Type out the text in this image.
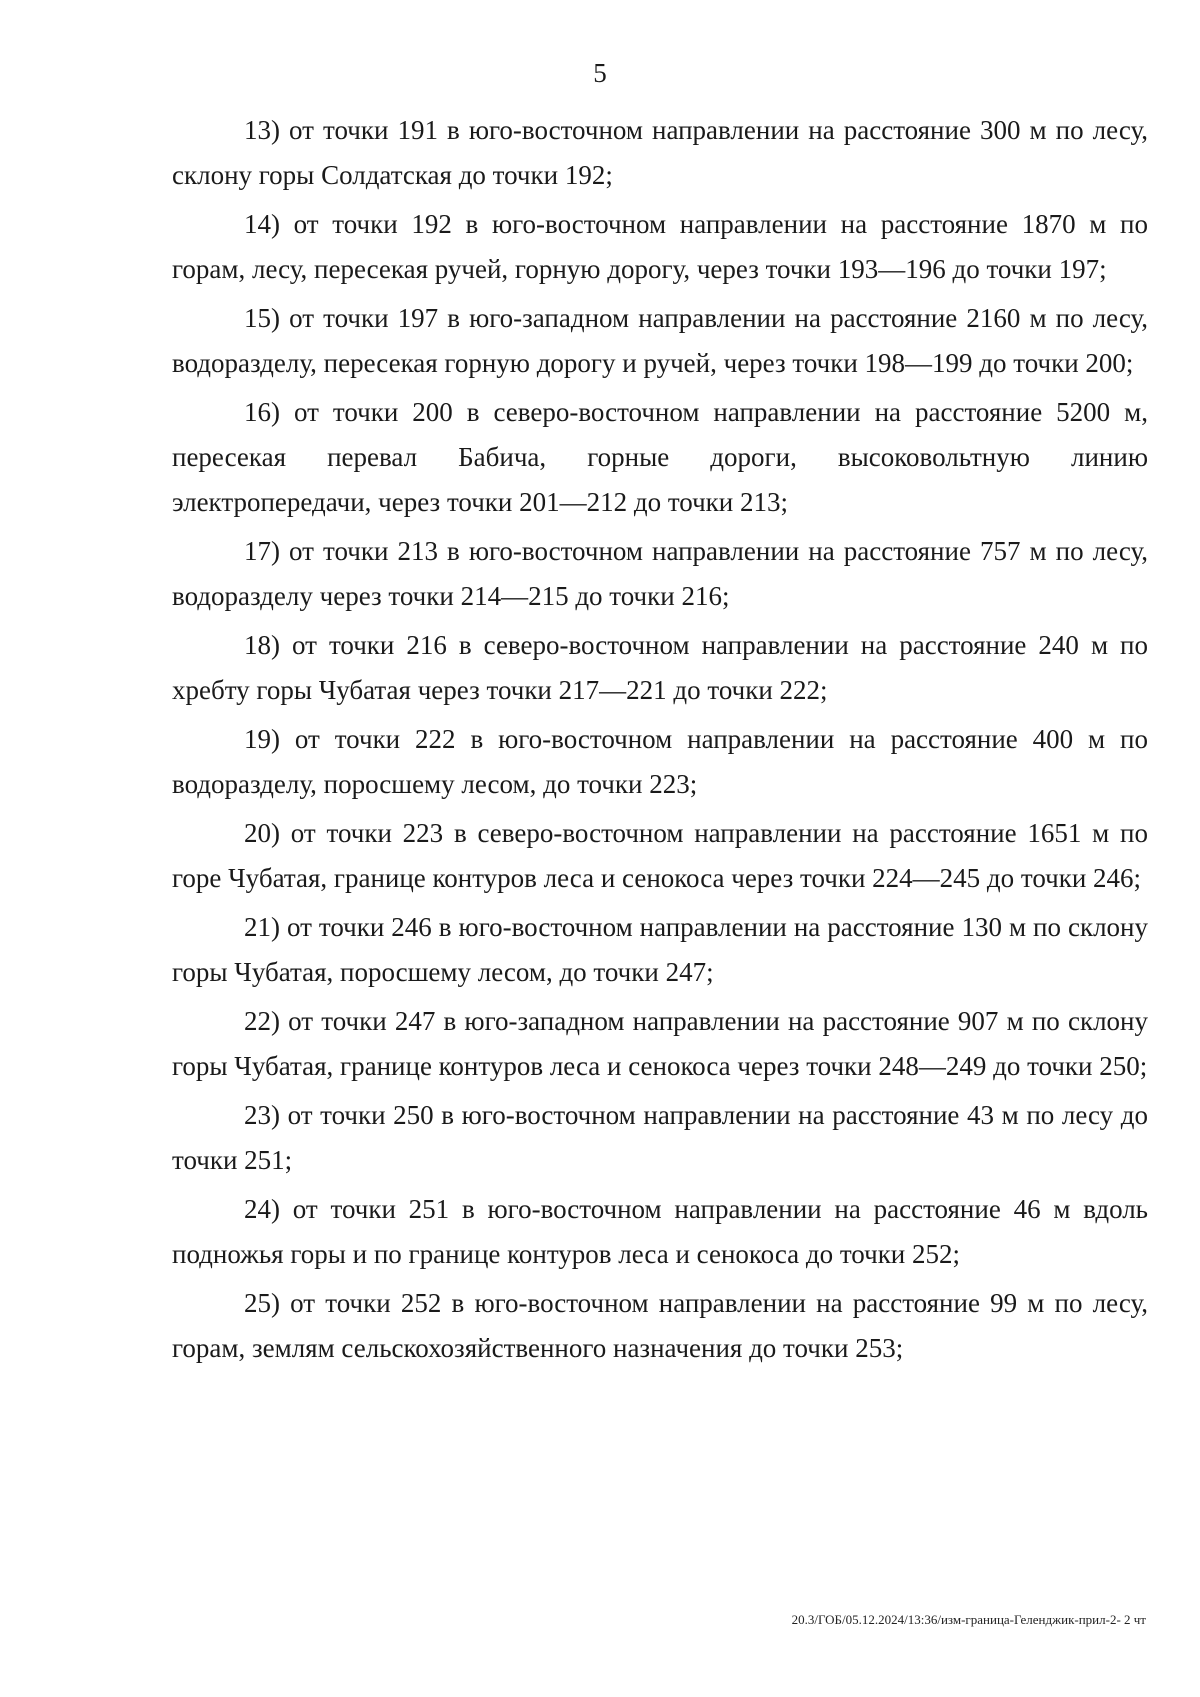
5

13) от точки 191 в юго-восточном направлении на расстояние 300 м по лесу, склону горы Солдатская до точки 192;

14) от точки 192 в юго-восточном направлении на расстояние 1870 м по горам, лесу, пересекая ручей, горную дорогу, через точки 193—196 до точки 197;

15) от точки 197 в юго-западном направлении на расстояние 2160 м по лесу, водоразделу, пересекая горную дорогу и ручей, через точки 198—199 до точки 200;

16) от точки 200 в северо-восточном направлении на расстояние 5200 м, пересекая перевал Бабича, горные дороги, высоковольтную линию электропередачи, через точки 201—212 до точки 213;

17) от точки 213 в юго-восточном направлении на расстояние 757 м по лесу, водоразделу через точки 214—215 до точки 216;

18) от точки 216 в северо-восточном направлении на расстояние 240 м по хребту горы Чубатая через точки 217—221 до точки 222;

19) от точки 222 в юго-восточном направлении на расстояние 400 м по водоразделу, поросшему лесом, до точки 223;

20) от точки 223 в северо-восточном направлении на расстояние 1651 м по горе Чубатая, границе контуров леса и сенокоса через точки 224—245 до точки 246;

21) от точки 246 в юго-восточном направлении на расстояние 130 м по склону горы Чубатая, поросшему лесом, до точки 247;

22) от точки 247 в юго-западном направлении на расстояние 907 м по склону горы Чубатая, границе контуров леса и сенокоса через точки 248—249 до точки 250;

23) от точки 250 в юго-восточном направлении на расстояние 43 м по лесу до точки 251;

24) от точки 251 в юго-восточном направлении на расстояние 46 м вдоль подножья горы и по границе контуров леса и сенокоса до точки 252;

25) от точки 252 в юго-восточном направлении на расстояние 99 м по лесу, горам, землям сельскохозяйственного назначения до точки 253;

20.3/ГОБ/05.12.2024/13:36/изм-граница-Геленджик-прил-2- 2 чт
